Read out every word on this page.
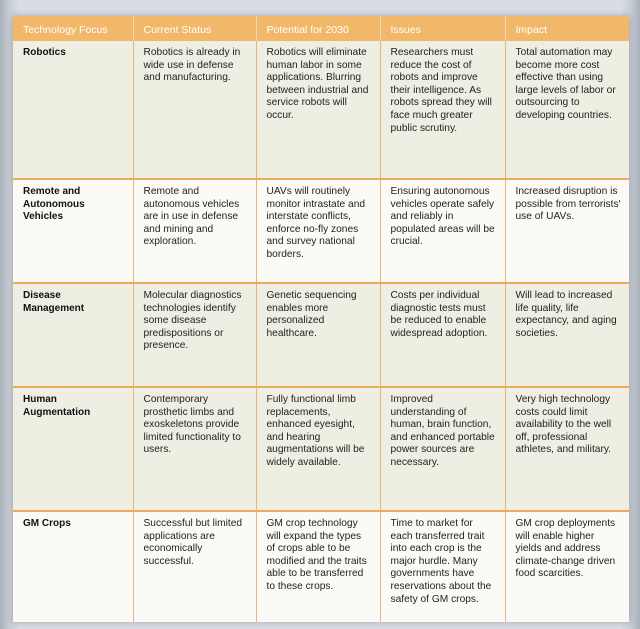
Technology Focus	Current Status	Potential for 2030	Issues	Impact
Robotics	Robotics is already in wide use in defense and manufacturing.	Robotics will eliminate human labor in some applications. Blurring between industrial and service robots will occur.	Researchers must reduce the cost of robots and improve their intelligence. As robots spread they will face much greater public scrutiny.	Total automation may become more cost effective than using large levels of labor or outsourcing to developing countries.
Remote and Autonomous Vehicles	Remote and autonomous vehicles are in use in defense and mining and exploration.	UAVs will routinely monitor intrastate and interstate conflicts, enforce no-fly zones and survey national borders.	Ensuring autonomous vehicles operate safely and reliably in populated areas will be crucial.	Increased disruption is possible from terrorists' use of UAVs.
Disease Management	Molecular diagnostics technologies identify some disease predispositions or presence.	Genetic sequencing enables more personalized healthcare.	Costs per individual diagnostic tests must be reduced to enable widespread adoption.	Will lead to increased life quality, life expectancy, and aging societies.
Human Augmentation	Contemporary prosthetic limbs and exoskeletons provide limited functionality to users.	Fully functional limb replacements, enhanced eyesight, and hearing augmentations will be widely available.	Improved understanding of human, brain function, and enhanced portable power sources are necessary.	Very high technology costs could limit availability to the well off, professional athletes, and military.
GM Crops	Successful but limited applications are economically successful.	GM crop technology will expand the types of crops able to be modified and the traits able to be transferred to these crops.	Time to market for each transferred trait into each crop is the major hurdle. Many governments have reservations about the safety of GM crops.	GM crop deployments will enable higher yields and address climate-change driven food scarcities.
